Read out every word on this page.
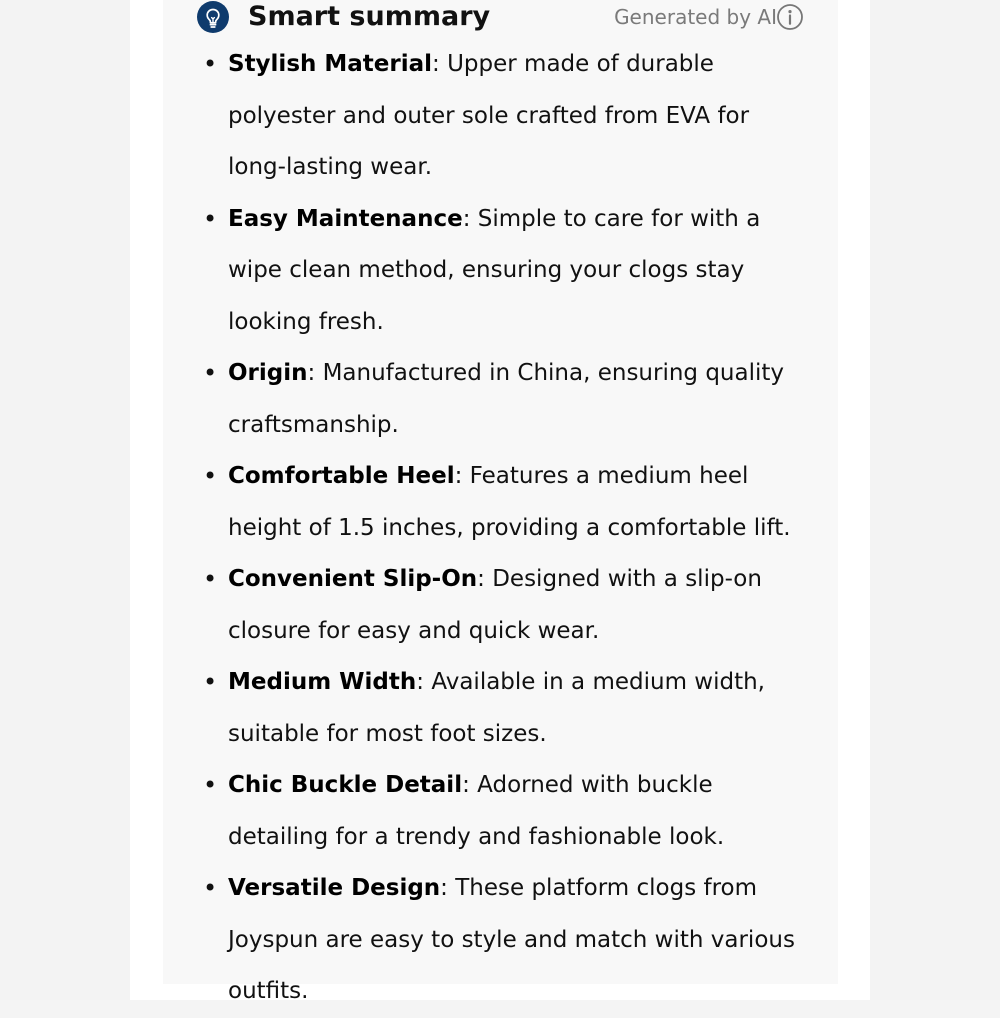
Smart summary	Generated by AI
• Stylish Material: Upper made of durable polyester and outer sole crafted from EVA for long-lasting wear.
• Easy Maintenance: Simple to care for with a wipe clean method, ensuring your clogs stay looking fresh.
• Origin: Manufactured in China, ensuring quality craftsmanship.
• Comfortable Heel: Features a medium heel height of 1.5 inches, providing a comfortable lift.
• Convenient Slip-On: Designed with a slip-on closure for easy and quick wear.
• Medium Width: Available in a medium width, suitable for most foot sizes.
• Chic Buckle Detail: Adorned with buckle detailing for a trendy and fashionable look.
• Versatile Design: These platform clogs from Joyspun are easy to style and match with various outfits.
